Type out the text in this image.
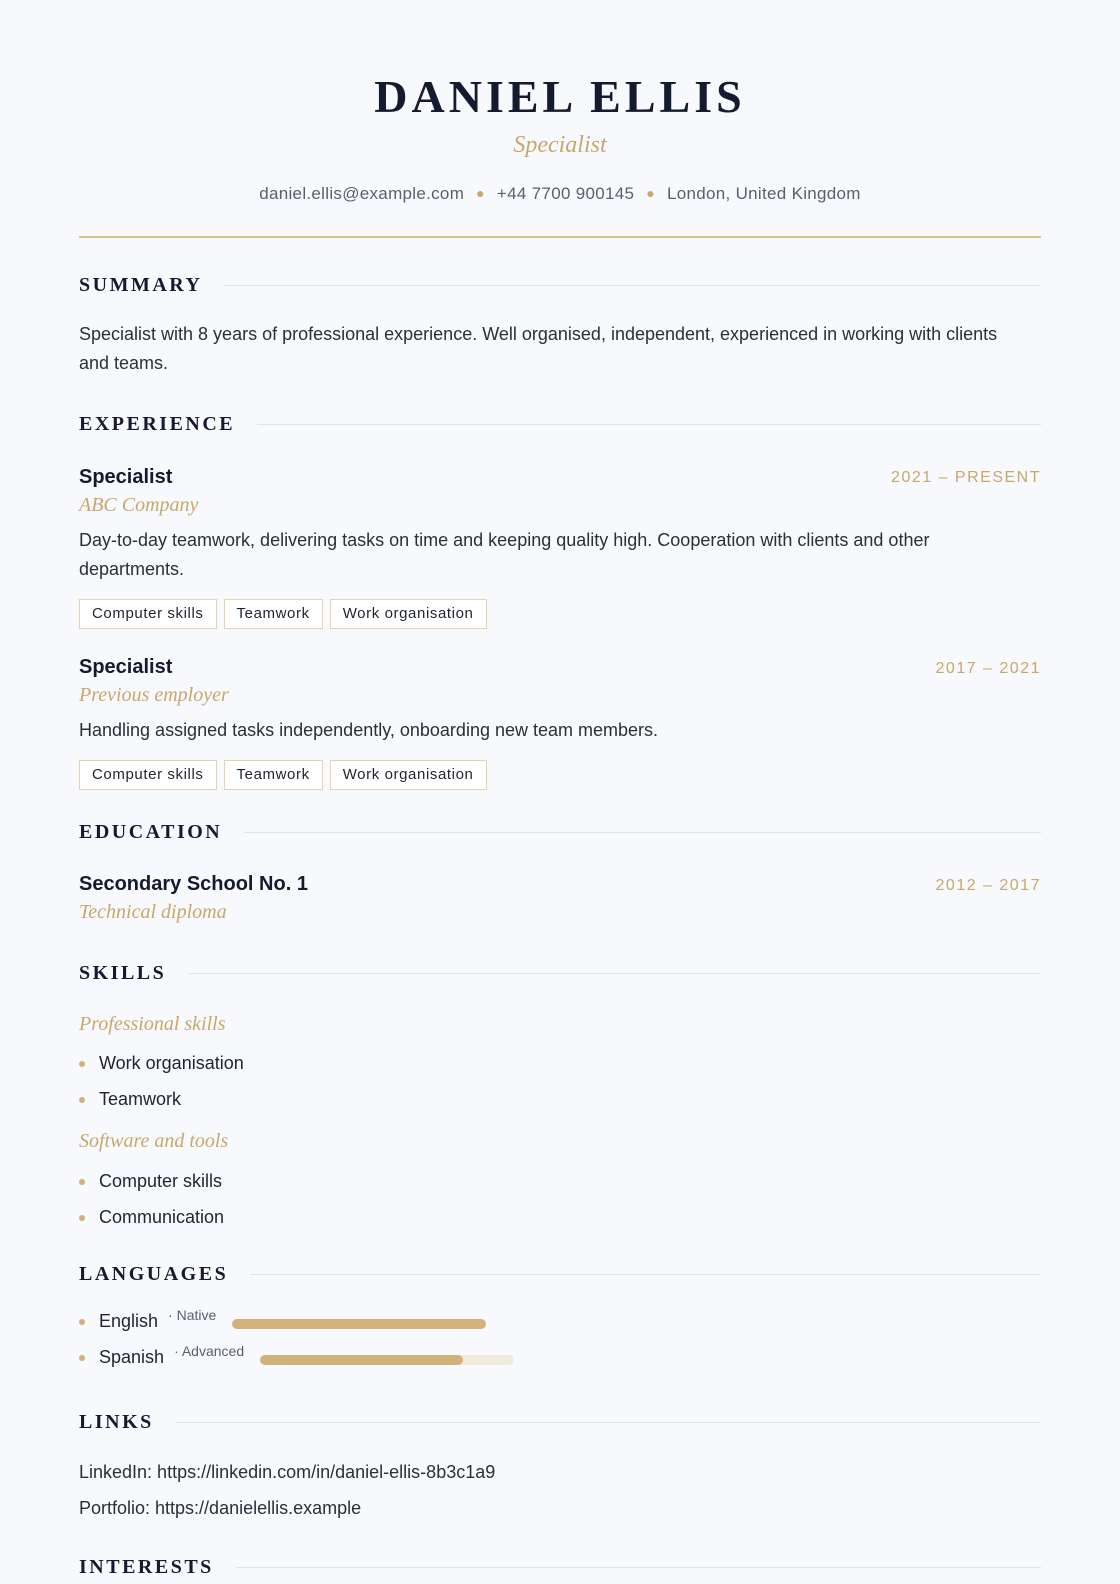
DANIEL ELLIS
Specialist
daniel.ellis@example.com ● +44 7700 900145 ● London, United Kingdom
SUMMARY
Specialist with 8 years of professional experience. Well organised, independent, experienced in working with clients and teams.
EXPERIENCE
Specialist	2021 – PRESENT
ABC Company
Day-to-day teamwork, delivering tasks on time and keeping quality high. Cooperation with clients and other departments.
Computer skills	Teamwork	Work organisation
Specialist	2017 – 2021
Previous employer
Handling assigned tasks independently, onboarding new team members.
Computer skills	Teamwork	Work organisation
EDUCATION
Secondary School No. 1	2012 – 2017
Technical diploma
SKILLS
Professional skills
Work organisation
Teamwork
Software and tools
Computer skills
Communication
LANGUAGES
English · Native
Spanish · Advanced
LINKS
LinkedIn: https://linkedin.com/in/daniel-ellis-8b3c1a9
Portfolio: https://danielellis.example
INTERESTS
